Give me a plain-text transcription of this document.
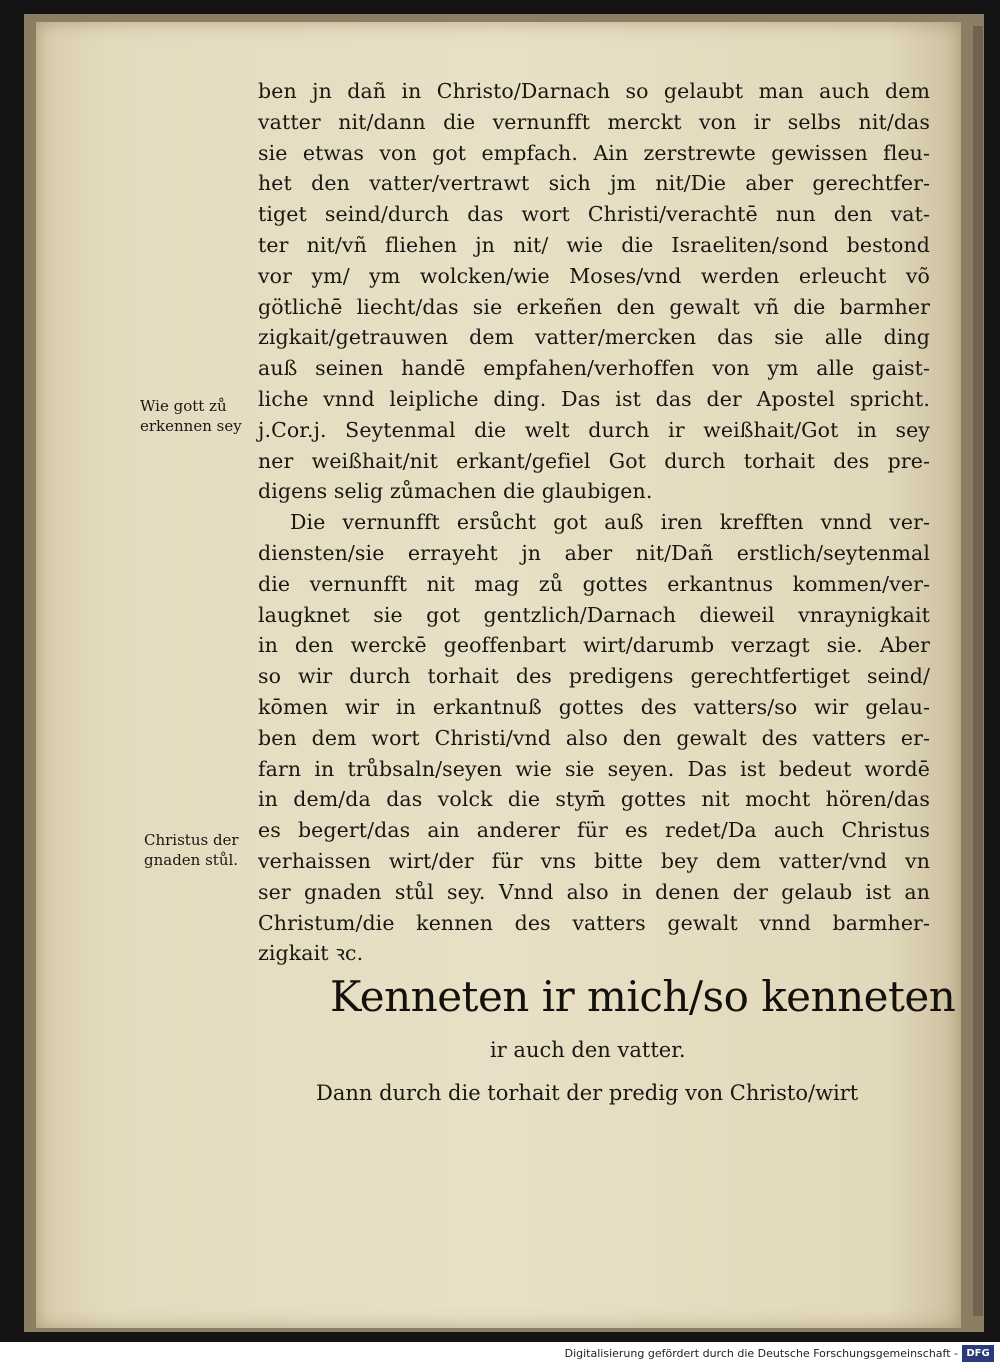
ben jn dañ in Christo/Darnach so gelaubt man auch dem
vatter nit/dann die vernunfft merckt von ir selbs nit/das
sie etwas von got empfach. Ain zerstrewte gewissen fleu-
het den vatter/vertrawt sich jm nit/Die aber gerechtfer-
tiget seind/durch das wort Christi/verachtē nun den vat-
ter nit/vñ fliehen jn nit/ wie die Israeliten/sond bestond
vor ym/ ym wolcken/wie Moses/vnd werden erleucht võ
götlichē liecht/das sie erkeñen den gewalt vñ die barmher
zigkait/getrauwen dem vatter/mercken das sie alle ding
auß seinen handē empfahen/verhoffen von ym alle gaist-
liche vnnd leipliche ding. Das ist das der Apostel spricht.
j.Cor.j. Seytenmal die welt durch ir weißhait/Got in sey
ner weißhait/nit erkant/gefiel Got durch torhait des pre-
digens selig zůmachen die glaubigen.
Die vernunfft ersůcht got auß iren krefften vnnd ver-
diensten/sie errayeht jn aber nit/Dañ erstlich/seytenmal
die vernunfft nit mag zů gottes erkantnus kommen/ver-
laugknet sie got gentzlich/Darnach dieweil vnraynigkait
in den werckē geoffenbart wirt/darumb verzagt sie. Aber
so wir durch torhait des predigens gerechtfertiget seind/
kōmen wir in erkantnuß gottes des vatters/so wir gelau-
ben dem wort Christi/vnd also den gewalt des vatters er-
farn in trůbsaln/seyen wie sie seyen. Das ist bedeut wordē
in dem/da das volck die stym̄ gottes nit mocht hören/das
es begert/das ain anderer für es redet/Da auch Christus
verhaissen wirt/der für vns bitte bey dem vatter/vnd vn
ser gnaden stůl sey. Vnnd also in denen der gelaub ist an
Christum/die kennen des vatters gewalt vnnd barmher-
zigkait ꝛc.
Wie gott zů
erkennen sey
Christus der
gnaden stůl.
Kenneten ir mich/so kenneten
ir auch den vatter.
Dann durch die torhait der predig von Christo/wirt
Digitalisierung gefördert durch die Deutsche Forschungsgemeinschaft - DFG
